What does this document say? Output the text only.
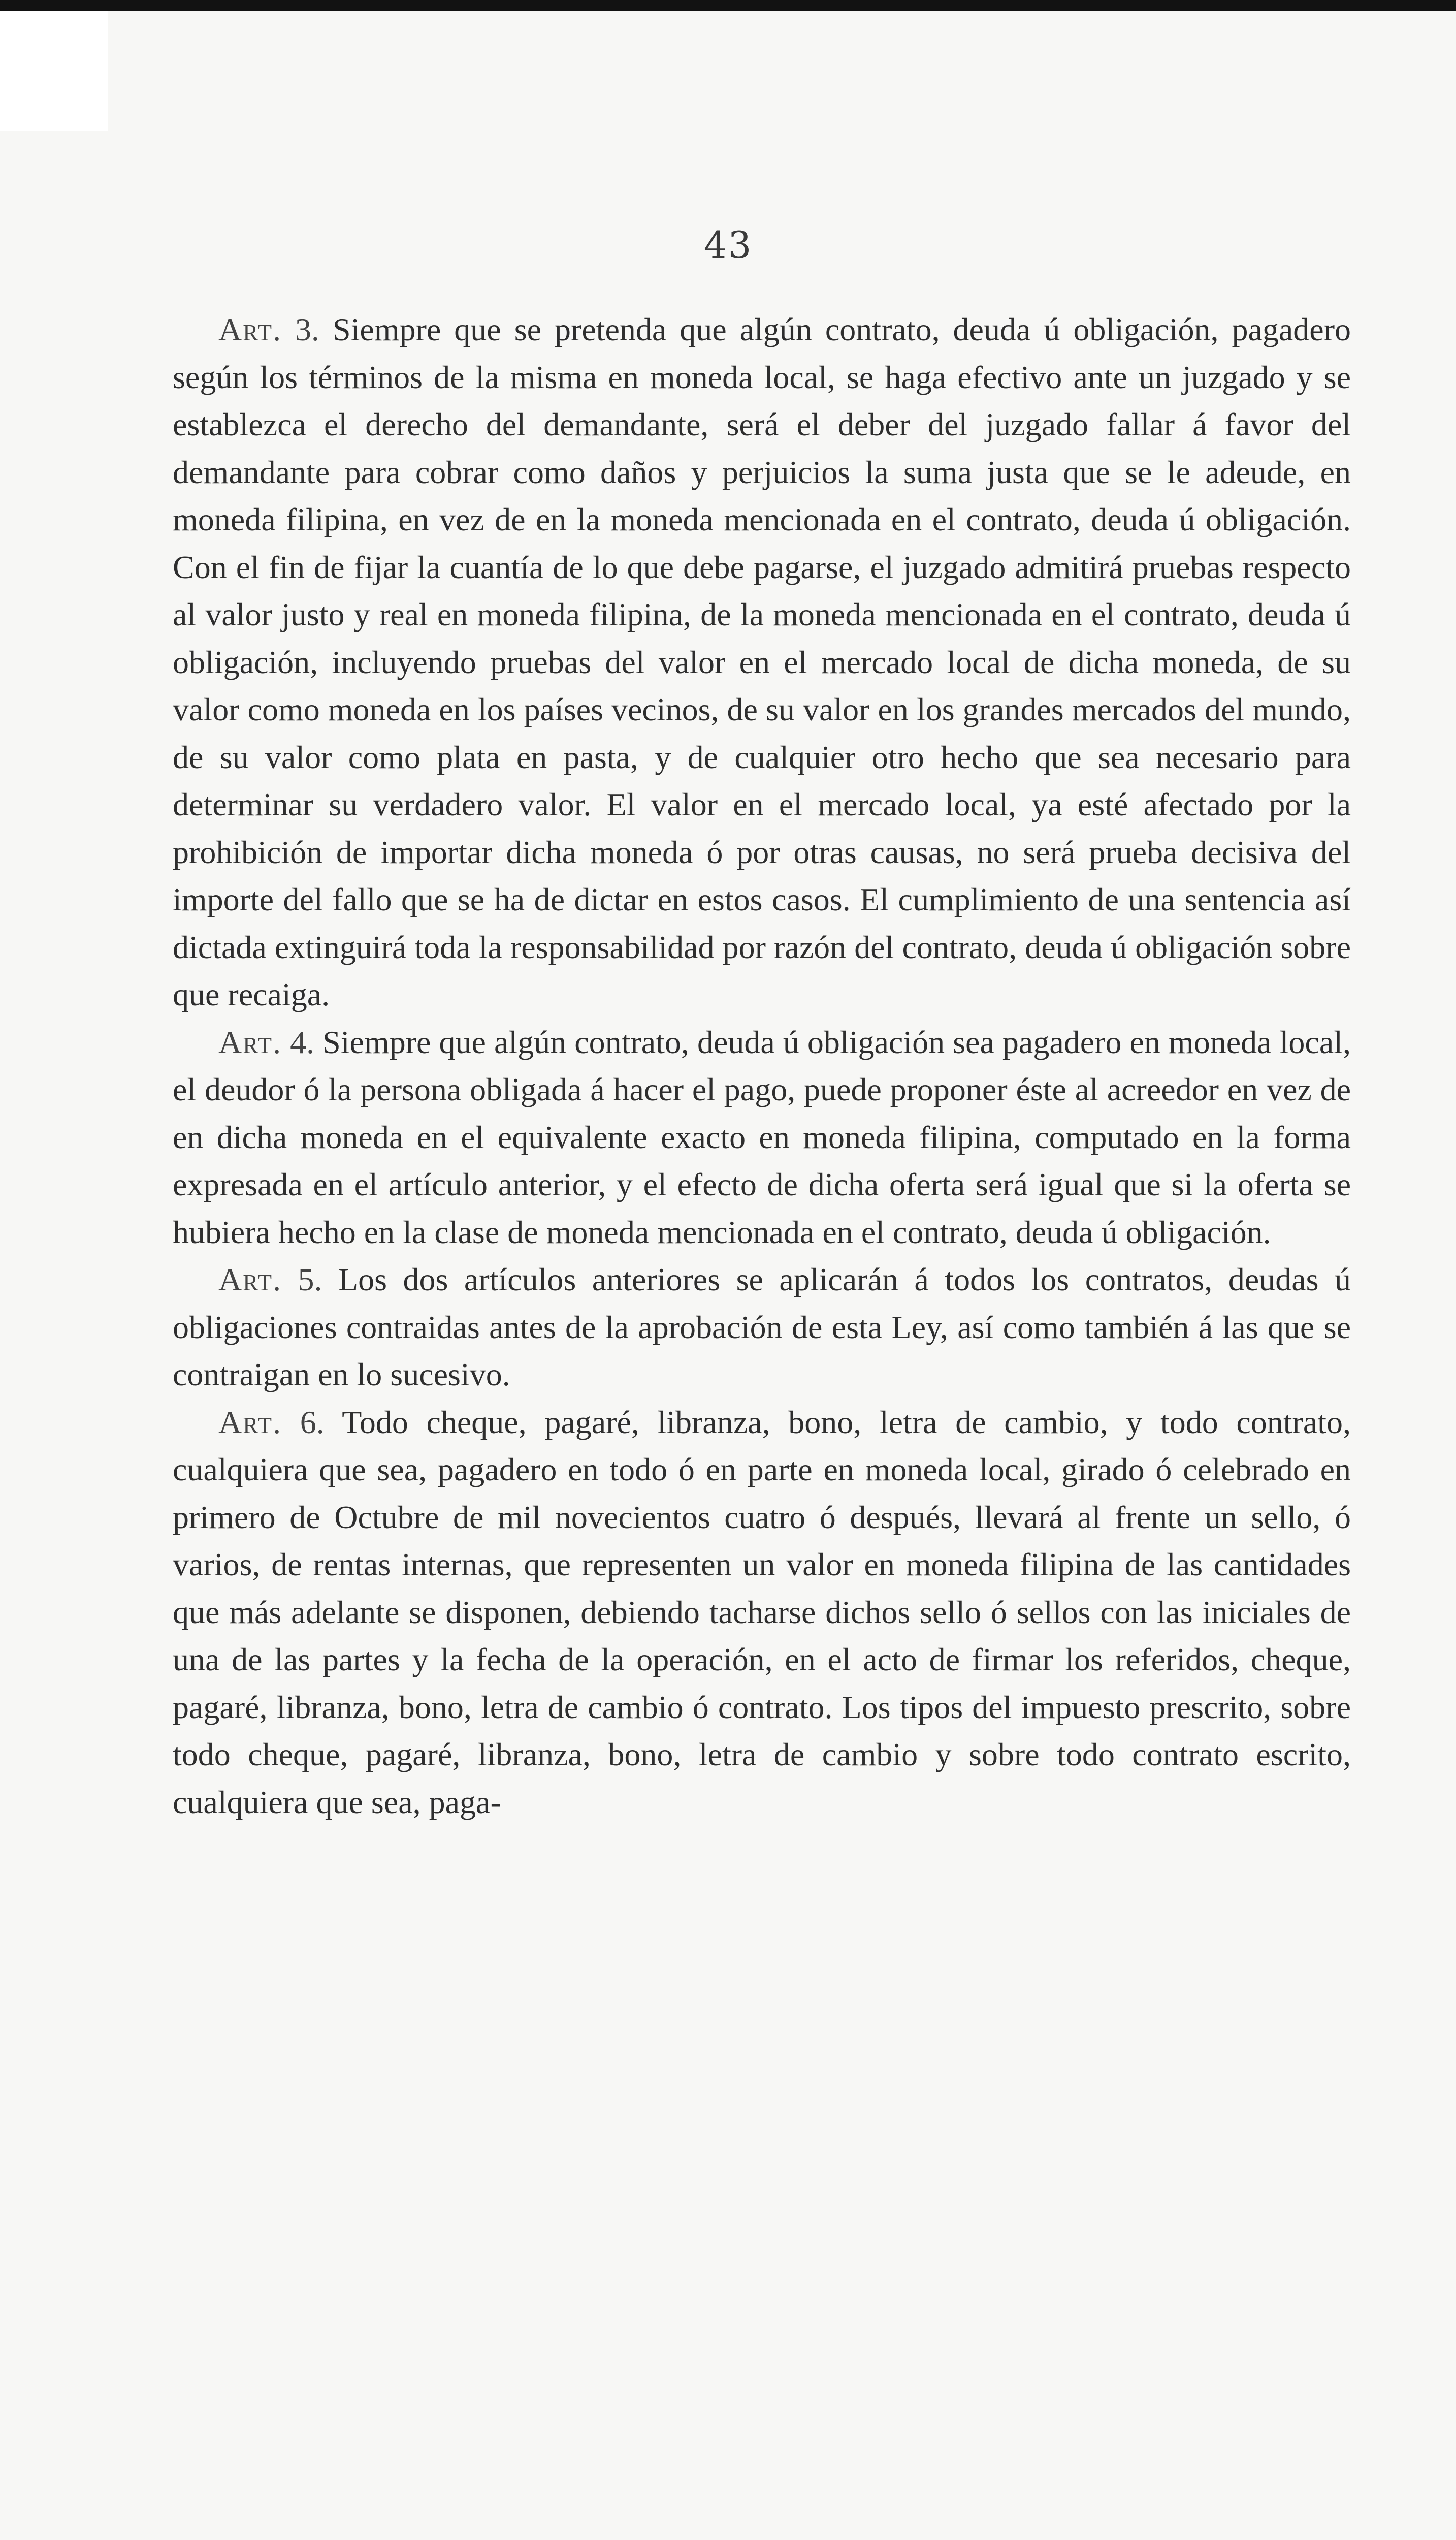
43

Art. 3. Siempre que se pretenda que algún contrato, deuda ú obligación, pagadero según los términos de la misma en moneda local, se haga efectivo ante un juzgado y se establezca el derecho del demandante, será el deber del juzgado fallar á favor del demandante para cobrar como daños y perjuicios la suma justa que se le adeude, en moneda filipina, en vez de en la moneda mencionada en el contrato, deuda ú obligación. Con el fin de fijar la cuantía de lo que debe pagarse, el juzgado admitirá pruebas respecto al valor justo y real en moneda filipina, de la moneda mencionada en el contrato, deuda ú obligación, incluyendo pruebas del valor en el mercado local de dicha moneda, de su valor como moneda en los países vecinos, de su valor en los grandes mercados del mundo, de su valor como plata en pasta, y de cualquier otro hecho que sea necesario para determinar su verdadero valor. El valor en el mercado local, ya esté afectado por la prohibición de importar dicha moneda ó por otras causas, no será prueba decisiva del importe del fallo que se ha de dictar en estos casos. El cumplimiento de una sentencia así dictada extinguirá toda la responsabilidad por razón del contrato, deuda ú obligación sobre que recaiga.

Art. 4. Siempre que algún contrato, deuda ú obligación sea pagadero en moneda local, el deudor ó la persona obligada á hacer el pago, puede proponer éste al acreedor en vez de en dicha moneda en el equivalente exacto en moneda filipina, computado en la forma expresada en el artículo anterior, y el efecto de dicha oferta será igual que si la oferta se hubiera hecho en la clase de moneda mencionada en el contrato, deuda ú obligación.

Art. 5. Los dos artículos anteriores se aplicarán á todos los contratos, deudas ú obligaciones contraidas antes de la aprobación de esta Ley, así como también á las que se contraigan en lo sucesivo.

Art. 6. Todo cheque, pagaré, libranza, bono, letra de cambio, y todo contrato, cualquiera que sea, pagadero en todo ó en parte en moneda local, girado ó celebrado en primero de Octubre de mil novecientos cuatro ó después, llevará al frente un sello, ó varios, de rentas internas, que representen un valor en moneda filipina de las cantidades que más adelante se disponen, debiendo tacharse dichos sello ó sellos con las iniciales de una de las partes y la fecha de la operación, en el acto de firmar los referidos, cheque, pagaré, libranza, bono, letra de cambio ó contrato. Los tipos del impuesto prescrito, sobre todo cheque, pagaré, libranza, bono, letra de cambio y sobre todo contrato escrito, cualquiera que sea, paga-
